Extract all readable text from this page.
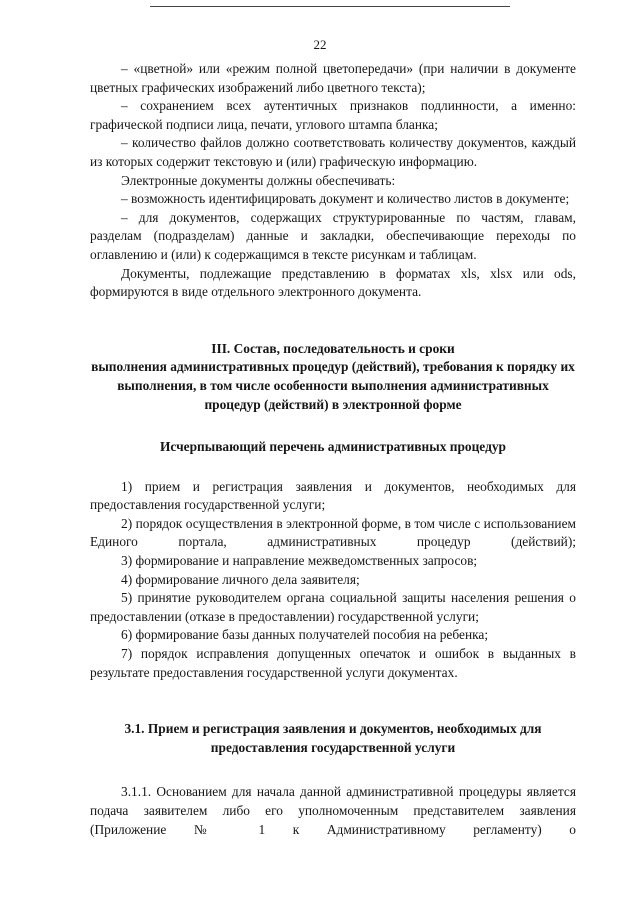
22

– «цветной» или «режим полной цветопередачи» (при наличии в документе цветных графических изображений либо цветного текста);

– сохранением всех аутентичных признаков подлинности, а именно: графической подписи лица, печати, углового штампа бланка;

– количество файлов должно соответствовать количеству документов, каждый из которых содержит текстовую и (или) графическую информацию.

Электронные документы должны обеспечивать:

– возможность идентифицировать документ и количество листов в документе;

– для документов, содержащих структурированные по частям, главам, разделам (подразделам) данные и закладки, обеспечивающие переходы по оглавлению и (или) к содержащимся в тексте рисункам и таблицам.

Документы, подлежащие представлению в форматах xls, xlsx или ods, формируются в виде отдельного электронного документа.

III. Состав, последовательность и сроки
выполнения административных процедур (действий), требования к порядку их выполнения, в том числе особенности выполнения административных процедур (действий) в электронной форме
Исчерпывающий перечень административных процедур

1) прием и регистрация заявления и документов, необходимых для предоставления государственной услуги;

2) порядок осуществления в электронной форме, в том числе с использованием Единого портала, административных процедур (действий);

3) формирование и направление межведомственных запросов;

4) формирование личного дела заявителя;

5) принятие руководителем органа социальной защиты населения решения о предоставлении (отказе в предоставлении) государственной услуги;

6) формирование базы данных получателей пособия на ребенка;

7) порядок исправления допущенных опечаток и ошибок в выданных в результате предоставления государственной услуги документах.

3.1. Прием и регистрация заявления и документов, необходимых для предоставления государственной услуги

3.1.1. Основанием для начала данной административной процедуры является подача заявителем либо его уполномоченным представителем заявления (Приложение № 1 к Административному регламенту) о
